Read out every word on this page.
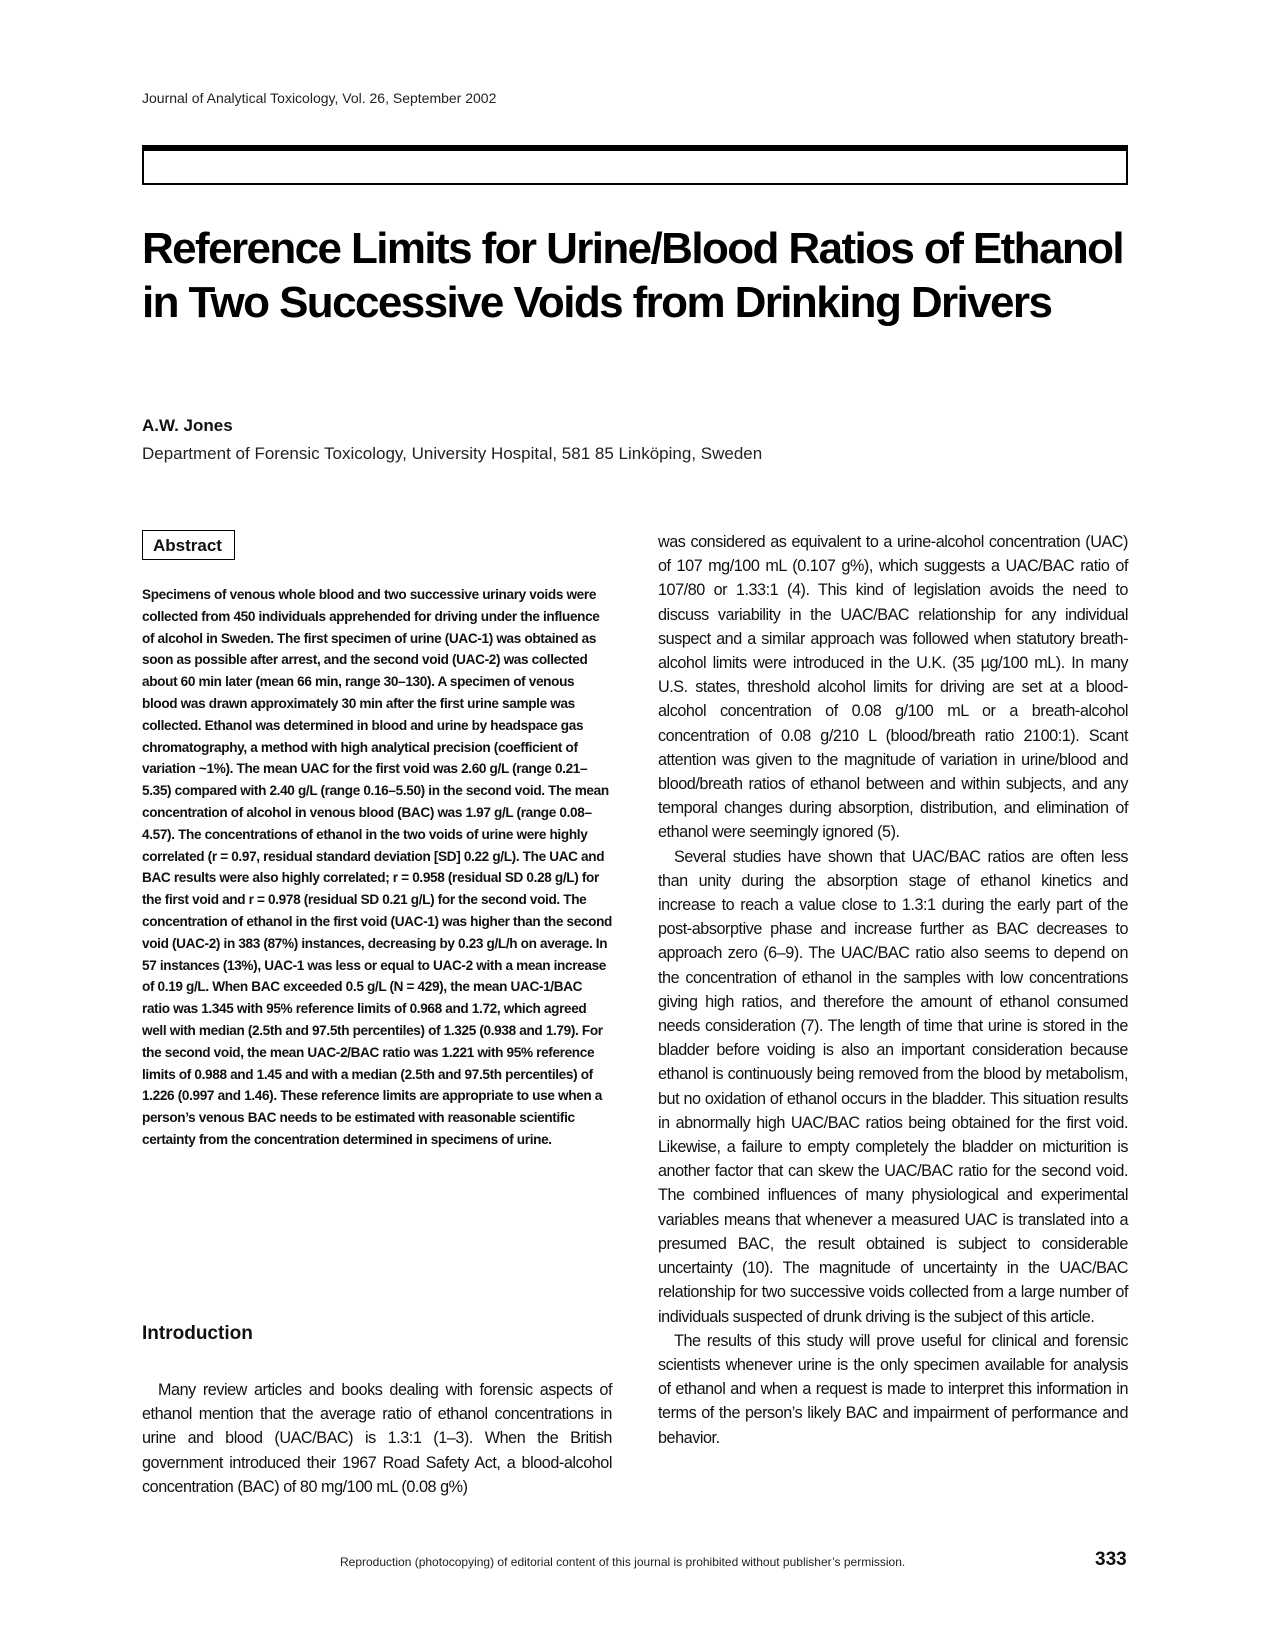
Journal of Analytical Toxicology, Vol. 26, September 2002
Reference Limits for Urine/Blood Ratios of Ethanol in Two Successive Voids from Drinking Drivers
A.W. Jones
Department of Forensic Toxicology, University Hospital, 581 85 Linköping, Sweden
Abstract
Specimens of venous whole blood and two successive urinary voids were collected from 450 individuals apprehended for driving under the influence of alcohol in Sweden. The first specimen of urine (UAC-1) was obtained as soon as possible after arrest, and the second void (UAC-2) was collected about 60 min later (mean 66 min, range 30–130). A specimen of venous blood was drawn approximately 30 min after the first urine sample was collected. Ethanol was determined in blood and urine by headspace gas chromatography, a method with high analytical precision (coefficient of variation ~1%). The mean UAC for the first void was 2.60 g/L (range 0.21–5.35) compared with 2.40 g/L (range 0.16–5.50) in the second void. The mean concentration of alcohol in venous blood (BAC) was 1.97 g/L (range 0.08–4.57). The concentrations of ethanol in the two voids of urine were highly correlated (r = 0.97, residual standard deviation [SD] 0.22 g/L). The UAC and BAC results were also highly correlated; r = 0.958 (residual SD 0.28 g/L) for the first void and r = 0.978 (residual SD 0.21 g/L) for the second void. The concentration of ethanol in the first void (UAC-1) was higher than the second void (UAC-2) in 383 (87%) instances, decreasing by 0.23 g/L/h on average. In 57 instances (13%), UAC-1 was less or equal to UAC-2 with a mean increase of 0.19 g/L. When BAC exceeded 0.5 g/L (N = 429), the mean UAC-1/BAC ratio was 1.345 with 95% reference limits of 0.968 and 1.72, which agreed well with median (2.5th and 97.5th percentiles) of 1.325 (0.938 and 1.79). For the second void, the mean UAC-2/BAC ratio was 1.221 with 95% reference limits of 0.988 and 1.45 and with a median (2.5th and 97.5th percentiles) of 1.226 (0.997 and 1.46). These reference limits are appropriate to use when a person’s venous BAC needs to be estimated with reasonable scientific certainty from the concentration determined in specimens of urine.
Introduction

Many review articles and books dealing with forensic aspects of ethanol mention that the average ratio of ethanol concentrations in urine and blood (UAC/BAC) is 1.3:1 (1–3). When the British government introduced their 1967 Road Safety Act, a blood-alcohol concentration (BAC) of 80 mg/100 mL (0.08 g%)

was considered as equivalent to a urine-alcohol concentration (UAC) of 107 mg/100 mL (0.107 g%), which suggests a UAC/BAC ratio of 107/80 or 1.33:1 (4). This kind of legislation avoids the need to discuss variability in the UAC/BAC relationship for any individual suspect and a similar approach was followed when statutory breath-alcohol limits were introduced in the U.K. (35 µg/100 mL). In many U.S. states, threshold alcohol limits for driving are set at a blood-alcohol concentration of 0.08 g/100 mL or a breath-alcohol concentration of 0.08 g/210 L (blood/breath ratio 2100:1). Scant attention was given to the magnitude of variation in urine/blood and blood/breath ratios of ethanol between and within subjects, and any temporal changes during absorption, distribution, and elimination of ethanol were seemingly ignored (5).

Several studies have shown that UAC/BAC ratios are often less than unity during the absorption stage of ethanol kinetics and increase to reach a value close to 1.3:1 during the early part of the post-absorptive phase and increase further as BAC decreases to approach zero (6–9). The UAC/BAC ratio also seems to depend on the concentration of ethanol in the samples with low concentrations giving high ratios, and therefore the amount of ethanol consumed needs consideration (7). The length of time that urine is stored in the bladder before voiding is also an important consideration because ethanol is continuously being removed from the blood by metabolism, but no oxidation of ethanol occurs in the bladder. This situation results in abnormally high UAC/BAC ratios being obtained for the first void. Likewise, a failure to empty completely the bladder on micturition is another factor that can skew the UAC/BAC ratio for the second void. The combined influences of many physiological and experimental variables means that whenever a measured UAC is translated into a presumed BAC, the result obtained is subject to considerable uncertainty (10). The magnitude of uncertainty in the UAC/BAC relationship for two successive voids collected from a large number of individuals suspected of drunk driving is the subject of this article.

The results of this study will prove useful for clinical and forensic scientists whenever urine is the only specimen available for analysis of ethanol and when a request is made to interpret this information in terms of the person’s likely BAC and impairment of performance and behavior.

Reproduction (photocopying) of editorial content of this journal is prohibited without publisher’s permission.	333
